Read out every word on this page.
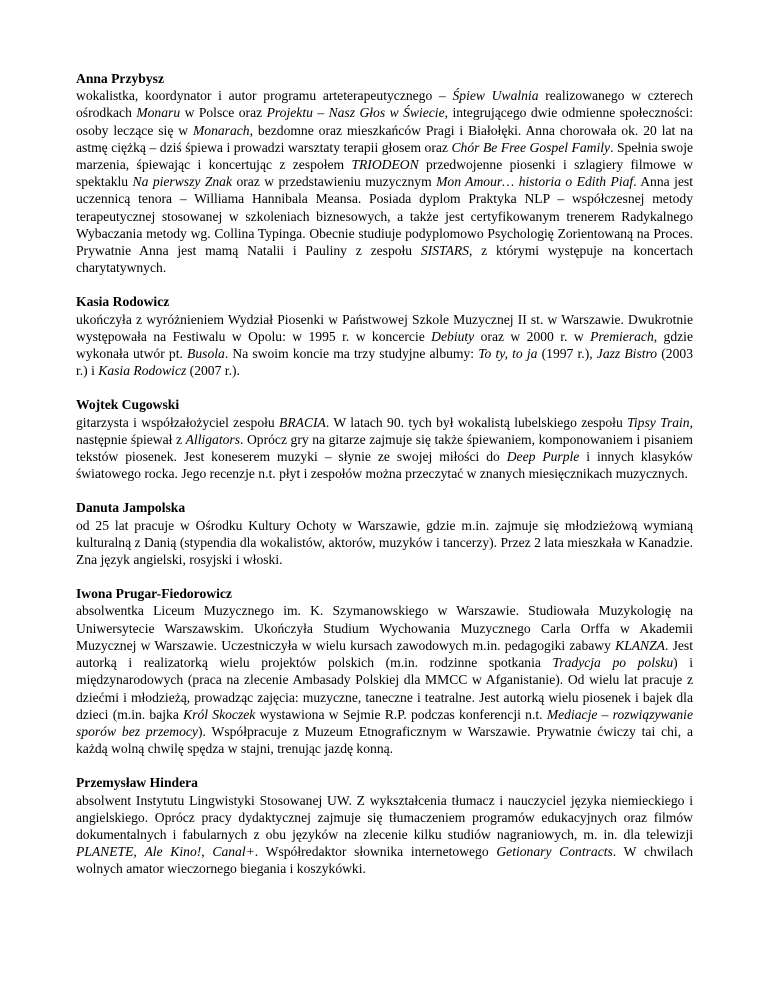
Anna Przybysz
wokalistka, koordynator i autor programu arteterapeutycznego – Śpiew Uwalnia realizowanego w czterech ośrodkach Monaru w Polsce oraz Projektu – Nasz Głos w Świecie, integrującego dwie odmienne społeczności: osoby leczące się w Monarach, bezdomne oraz mieszkańców Pragi i Białołęki. Anna chorowała ok. 20 lat na astmę ciężką – dziś śpiewa i prowadzi warsztaty terapii głosem oraz Chór Be Free Gospel Family. Spełnia swoje marzenia, śpiewając i koncertując z zespołem TRIODEON przedwojenne piosenki i szlagiery filmowe w spektaklu Na pierwszy Znak oraz w przedstawieniu muzycznym Mon Amour… historia o Edith Piaf. Anna jest uczennicą tenora – Williama Hannibala Meansa. Posiada dyplom Praktyka NLP – współczesnej metody terapeutycznej stosowanej w szkoleniach biznesowych, a także jest certyfikowanym trenerem Radykalnego Wybaczania metody wg. Collina Typinga. Obecnie studiuje podyplomowo Psychologię Zorientowaną na Proces. Prywatnie Anna jest mamą Natalii i Pauliny z zespołu SISTARS, z którymi występuje na koncertach charytatywnych.
Kasia Rodowicz
ukończyła z wyróżnieniem Wydział Piosenki w Państwowej Szkole Muzycznej II st. w Warszawie. Dwukrotnie występowała na Festiwalu w Opolu: w 1995 r. w koncercie Debiuty oraz w 2000 r. w Premierach, gdzie wykonała utwór pt. Busola. Na swoim koncie ma trzy studyjne albumy: To ty, to ja (1997 r.), Jazz Bistro (2003 r.) i Kasia Rodowicz (2007 r.).
Wojtek Cugowski
gitarzysta i współzałożyciel zespołu BRACIA. W latach 90. tych był wokalistą lubelskiego zespołu Tipsy Train, następnie śpiewał z Alligators. Oprócz gry na gitarze zajmuje się także śpiewaniem, komponowaniem i pisaniem tekstów piosenek. Jest koneserem muzyki – słynie ze swojej miłości do Deep Purple i innych klasyków światowego rocka. Jego recenzje n.t. płyt i zespołów można przeczytać w znanych miesięcznikach muzycznych.
Danuta Jampolska
od 25 lat pracuje w Ośrodku Kultury Ochoty w Warszawie, gdzie m.in. zajmuje się młodzieżową wymianą kulturalną z Danią (stypendia dla wokalistów, aktorów, muzyków i tancerzy). Przez 2 lata mieszkała w Kanadzie. Zna język angielski, rosyjski i włoski.
Iwona Prugar-Fiedorowicz
absolwentka Liceum Muzycznego im. K. Szymanowskiego w Warszawie. Studiowała Muzykologię na Uniwersytecie Warszawskim. Ukończyła Studium Wychowania Muzycznego Carla Orffa w Akademii Muzycznej w Warszawie. Uczestniczyła w wielu kursach zawodowych m.in. pedagogiki zabawy KLANZA. Jest autorką i realizatorką wielu projektów polskich (m.in. rodzinne spotkania Tradycja po polsku) i międzynarodowych (praca na zlecenie Ambasady Polskiej dla MMCC w Afganistanie). Od wielu lat pracuje z dziećmi i młodzieżą, prowadząc zajęcia: muzyczne, taneczne i teatralne. Jest autorką wielu piosenek i bajek dla dzieci (m.in. bajka Król Skoczek wystawiona w Sejmie R.P. podczas konferencji n.t. Mediacje – rozwiązywanie sporów bez przemocy). Współpracuje z Muzeum Etnograficznym w Warszawie. Prywatnie ćwiczy tai chi, a każdą wolną chwilę spędza w stajni, trenując jazdę konną.
Przemysław Hindera
absolwent Instytutu Lingwistyki Stosowanej UW. Z wykształcenia tłumacz i nauczyciel języka niemieckiego i angielskiego. Oprócz pracy dydaktycznej zajmuje się tłumaczeniem programów edukacyjnych oraz filmów dokumentalnych i fabularnych z obu języków na zlecenie kilku studiów nagraniowych, m. in. dla telewizji PLANETE, Ale Kino!, Canal+. Współredaktor słownika internetowego Getionary Contracts. W chwilach wolnych amator wieczornego biegania i koszykówki.
